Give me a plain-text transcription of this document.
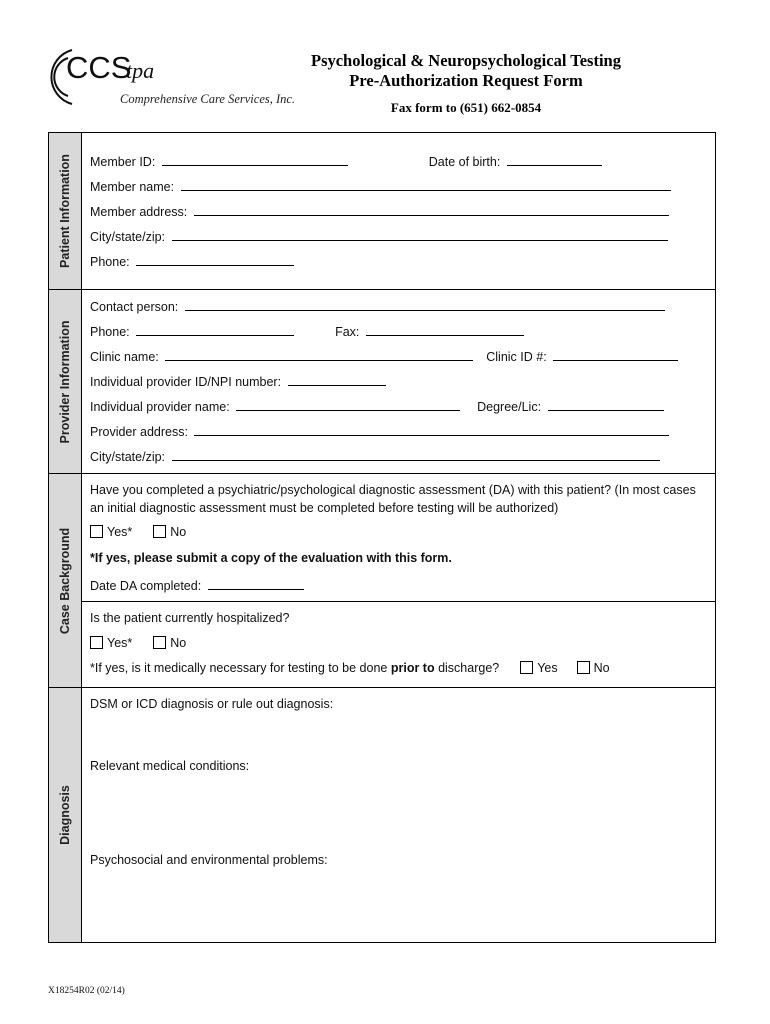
CCS
tpa
Comprehensive Care Services, Inc.
Psychological & Neuropsychological Testing
Pre-Authorization Request Form
Fax form to (651) 662-0854
Patient Information Member ID:	Date of birth:
Member name:
Member address:
City/state/zip:
Phone:
Provider Information
Contact person:
Phone:	Fax:
Clinic name:	Clinic ID #:
Individual provider ID/NPI number:
Individual provider name:	Degree/Lic:
Provider address:
City/state/zip:
Case Background
Have you completed a psychiatric/psychological diagnostic assessment (DA) with this patient? (In most cases
an initial diagnostic assessment must be completed before testing will be authorized)
Yes*	No
*If yes, please submit a copy of the evaluation with this form.
Date DA completed:
Is the patient currently hospitalized?
Yes*	No
*If yes, is it medically necessary for testing to be done prior to discharge?	Yes	No
Diagnosis
DSM or ICD diagnosis or rule out diagnosis:
Relevant medical conditions:
Psychosocial and environmental problems:
X18254R02 (02/14)
